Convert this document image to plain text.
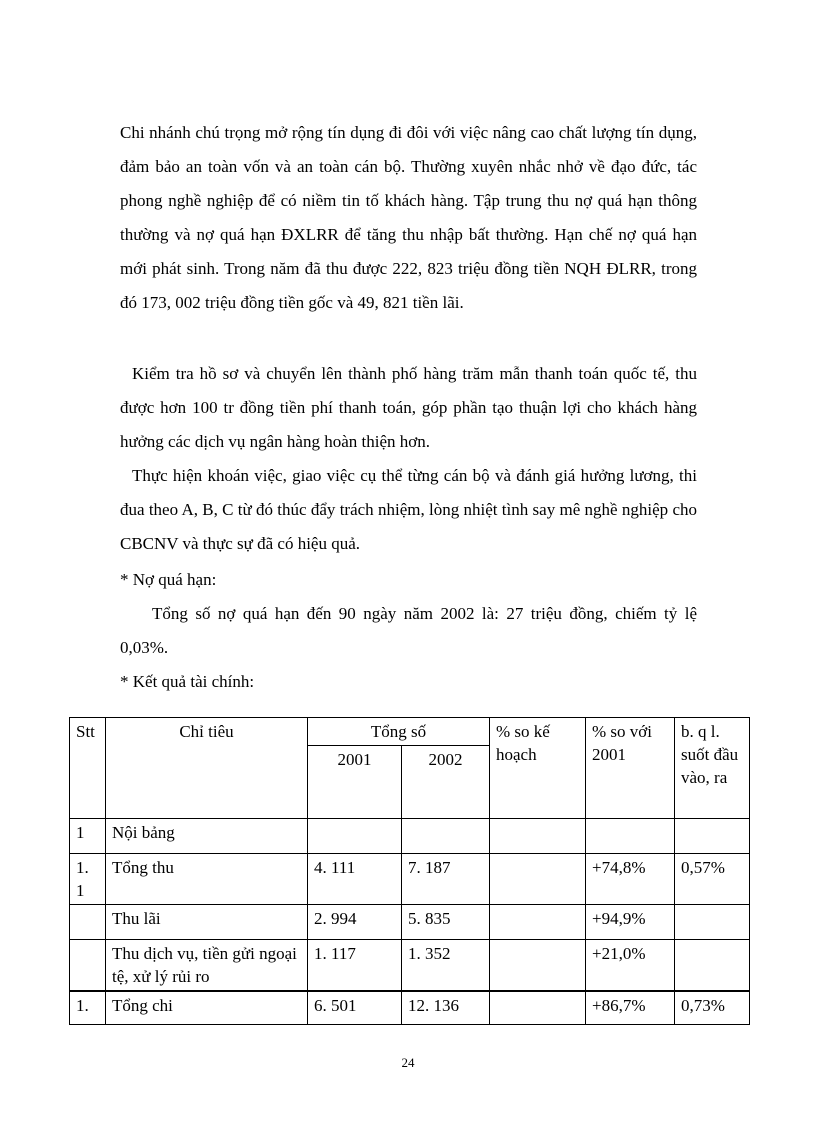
Chi nhánh chú trọng mở rộng tín dụng đi đôi với việc nâng cao chất lượng tín dụng, đảm bảo an toàn vốn và an toàn cán bộ. Thường xuyên nhắc nhở về đạo đức, tác phong nghề nghiệp để có niềm tin tố khách hàng. Tập trung thu nợ quá hạn thông thường và nợ quá hạn ĐXLRR để tăng thu nhập bất thường. Hạn chế nợ quá hạn mới phát sinh. Trong năm đã thu được 222, 823 triệu đồng tiền NQH ĐLRR, trong đó 173, 002 triệu đồng tiền gốc và 49, 821 tiền lãi.

Kiểm tra hồ sơ và chuyển lên thành phố hàng trăm mẫn thanh toán quốc tế, thu được hơn 100 tr đồng tiền phí thanh toán, góp phần tạo thuận lợi cho khách hàng hưởng các dịch vụ ngân hàng hoàn thiện hơn.

Thực hiện khoán việc, giao việc cụ thể từng cán bộ và đánh giá hưởng lương, thi đua theo A, B, C từ đó thúc đẩy trách nhiệm, lòng nhiệt tình say mê nghề nghiệp cho CBCNV và thực sự đã có hiệu quả.

* Nợ quá hạn:

Tổng số nợ quá hạn đến 90 ngày năm 2002 là: 27 triệu đồng, chiếm tỷ lệ 0,03%.

* Kết quả tài chính:

Stt	Chỉ tiêu	Tổng số		% so kế hoạch	% so với 2001	b. q l. suốt đầu vào, ra
		2001	2002			
1	Nội bảng					
1. 1	Tổng thu	4. 111	7. 187		+74,8%	0,57%
	Thu lãi	2. 994	5. 835		+94,9%	
	Thu dịch vụ, tiền gửi ngoại tệ, xử lý rủi ro	1. 117	1. 352		+21,0%	
1.	Tổng chi	6. 501	12. 136		+86,7%	0,73%
24
